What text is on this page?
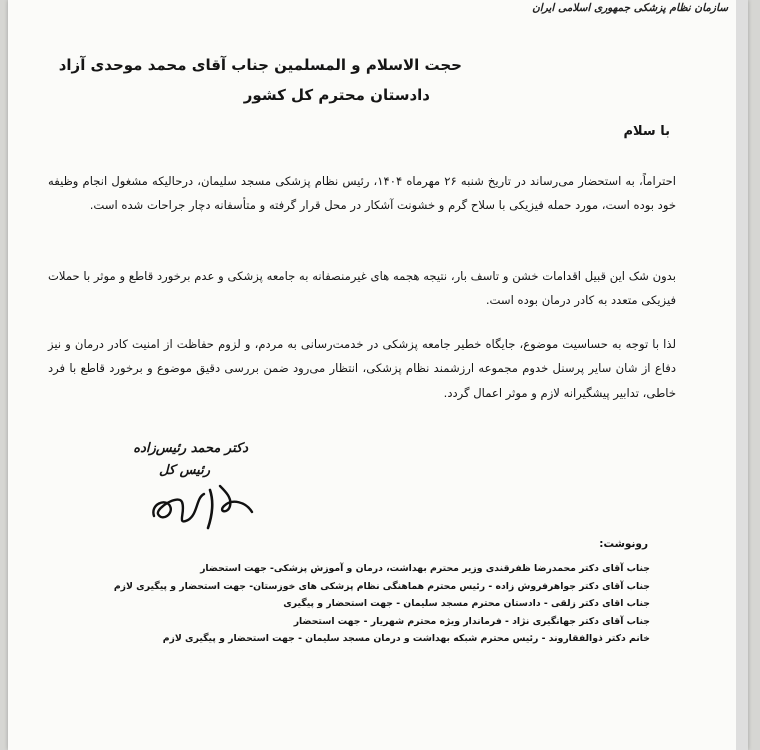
سازمان نظام پزشکی جمهوری اسلامی ایران
حجت الاسلام و المسلمین جناب آقای محمد موحدی آزاد
دادستان محترم کل کشور
با سلام

احتراماً، به استحضار می‌رساند در تاریخ شنبه ۲۶ مهرماه ۱۴۰۴، رئیس نظام پزشکی مسجد سلیمان، درحالیکه مشغول انجام وظیفه خود بوده است، مورد حمله فیزیکی با سلاح گرم و خشونت آشکار در محل قرار گرفته و متأسفانه دچار جراحات شده است.

بدون شک این قبیل اقدامات خشن و تاسف بار، نتیجه هجمه های غیرمنصفانه به جامعه پزشکی و عدم برخورد قاطع و موثر با حملات فیزیکی متعدد به کادر درمان بوده است.

لذا با توجه به حساسیت موضوع، جایگاه خطیر جامعه پزشکی در خدمت‌رسانی به مردم، و لزوم حفاظت از امنیت کادر درمان و نیز دفاع از شان سایر پرسنل خدوم مجموعه ارزشمند نظام پزشکی، انتظار می‌رود ضمن بررسی دقیق موضوع و برخورد قاطع با فرد خاطی، تدابیر پیشگیرانه لازم و موثر اعمال گردد.

دکتر محمد رئیس‌زاده
رئیس کل
رونوشت:
جناب آقای دکتر محمدرضا ظفرقندی وزیر محترم بهداشت، درمان و آموزش پزشکی- جهت استحضار
جناب آقای دکتر جواهرفروش زاده - رئیس محترم هماهنگی نظام پزشکی های خوزستان- جهت استحضار و پیگیری لازم
جناب اقای دکتر زلقی - دادستان محترم مسجد سلیمان - جهت استحضار و پیگیری
جناب آقای دکتر جهانگیری نژاد - فرماندار ویژه محترم شهریار - جهت استحضار
خانم دکتر ذوالفقاروند - رئیس محترم شبکه بهداشت و درمان مسجد سلیمان - جهت استحضار و پیگیری لازم
